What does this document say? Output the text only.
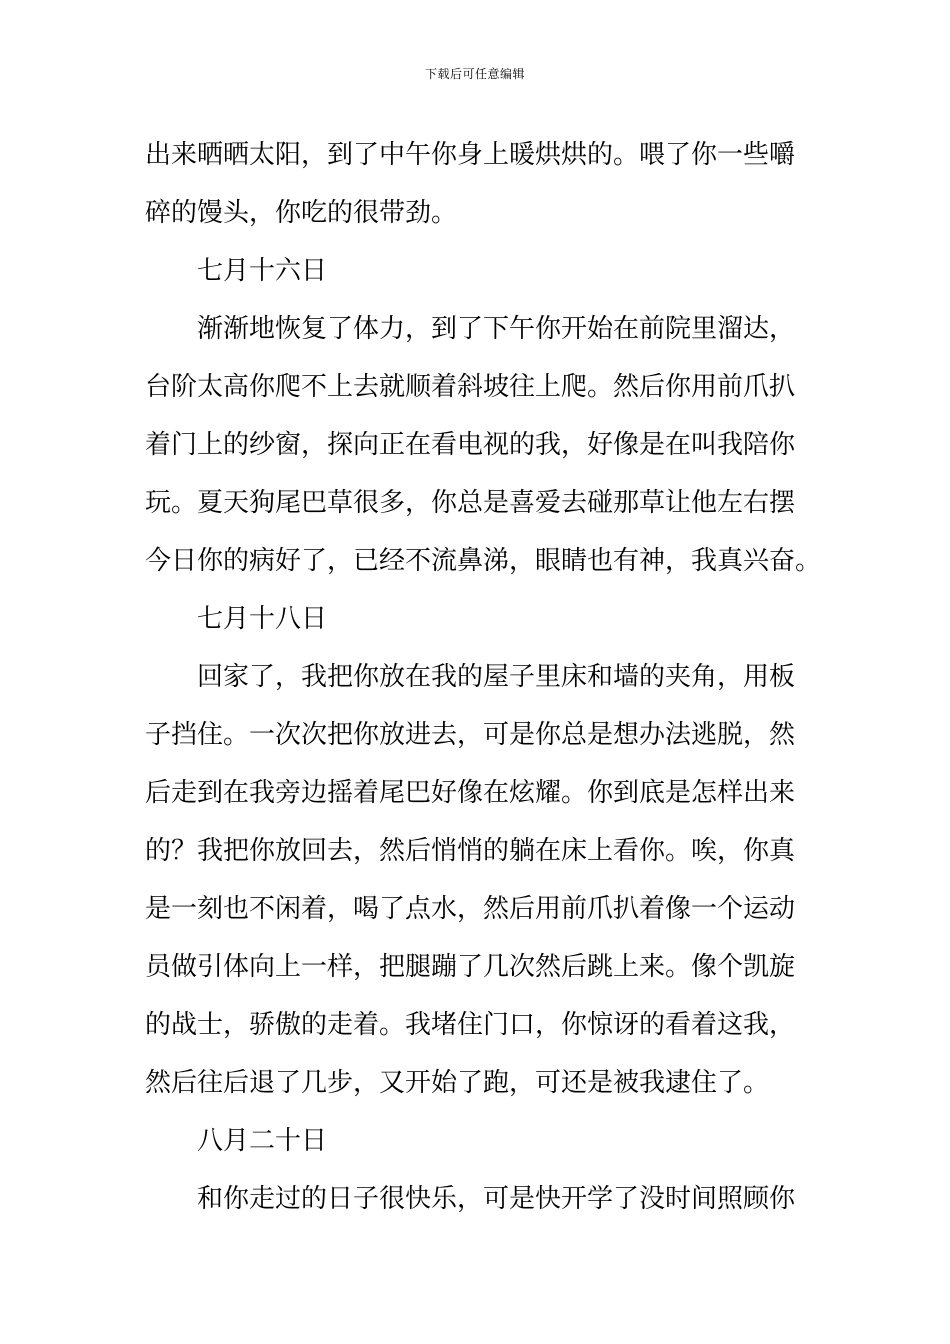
下载后可任意编辑
出来晒晒太阳，到了中午你身上暖烘烘的。喂了你一些嚼
碎的馒头，你吃的很带劲。
七月十六日
渐渐地恢复了体力，到了下午你开始在前院里溜达，
台阶太高你爬不上去就顺着斜坡往上爬。然后你用前爪扒
着门上的纱窗，探向正在看电视的我，好像是在叫我陪你
玩。夏天狗尾巴草很多，你总是喜爱去碰那草让他左右摆
今日你的病好了，已经不流鼻涕，眼睛也有神，我真兴奋。
七月十八日
回家了，我把你放在我的屋子里床和墙的夹角，用板
子挡住。一次次把你放进去，可是你总是想办法逃脱，然
后走到在我旁边摇着尾巴好像在炫耀。你到底是怎样出来
的？我把你放回去，然后悄悄的躺在床上看你。唉，你真
是一刻也不闲着，喝了点水，然后用前爪扒着像一个运动
员做引体向上一样，把腿蹦了几次然后跳上来。像个凯旋
的战士，骄傲的走着。我堵住门口，你惊讶的看着这我，
然后往后退了几步，又开始了跑，可还是被我逮住了。
八月二十日
和你走过的日子很快乐，可是快开学了没时间照顾你
